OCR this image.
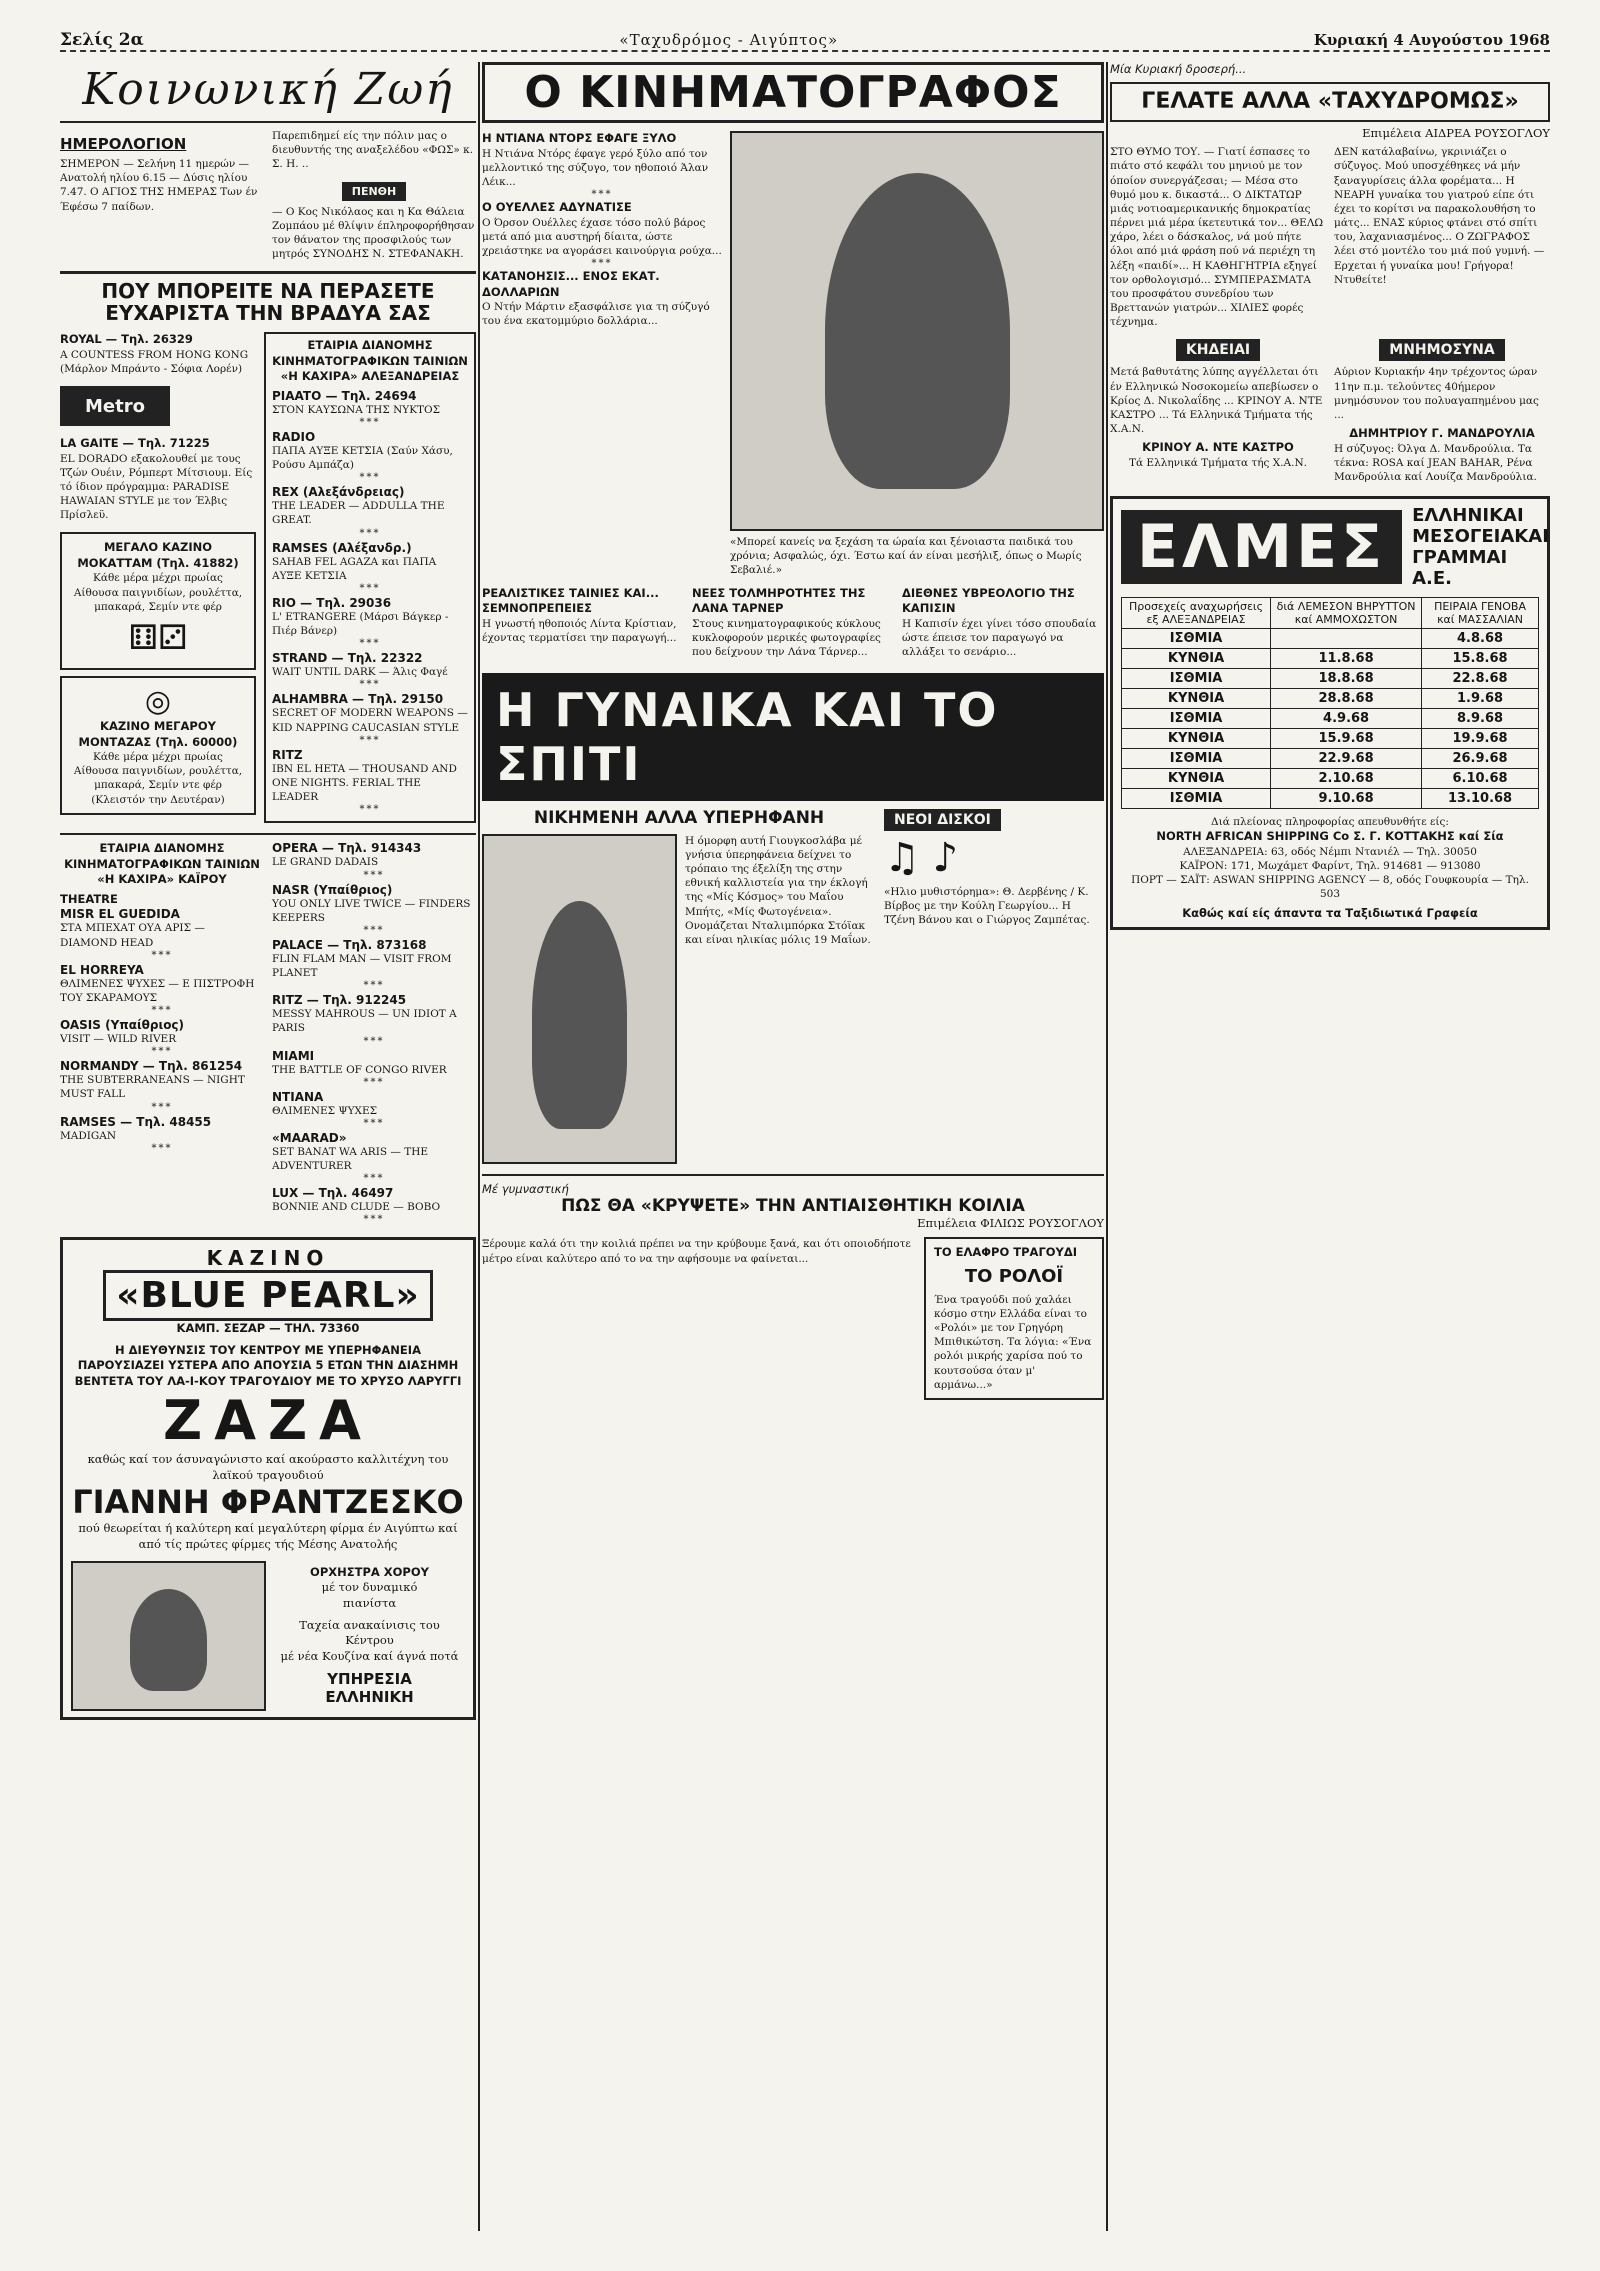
Σελίς 2α	«Ταχυδρόμος - Αιγύπτος»	Κυριακή 4 Αυγούστου 1968
Κοινωνική Ζωή
ΗΜΕΡΟΛΟΓΙΟΝ
ΣΗΜΕΡΟΝ — Σελήνη 11 ημερών — Ανατολή ηλίου 6.15 — Δύσις ηλίου 7.47. Ο ΑΓΙΟΣ ΤΗΣ ΗΜΕΡΑΣ Των έν Έφέσω 7 παίδων.
Παρεπιδημεί είς την πόλιν μας ο διευθυντής της αναξελέδου «ΦΩΣ» κ. Σ. Η. ..
ΠΕΝΘΗ
— Ο Κος Νικόλαος και η Κα Θάλεια Ζομπάου μέ θλίψιν έπληροφορήθησαν τον θάνατον της προσφιλούς των μητρός ΣΥΝΟΔΗΣ Ν. ΣΤΕΦΑΝΑΚΗ.
ΠΟΥ ΜΠΟΡΕΙΤΕ ΝΑ ΠΕΡΑΣΕΤΕ ΕΥΧΑΡΙΣΤΑ ΤΗΝ ΒΡΑΔΥΑ ΣΑΣ
ROYAL — Τηλ. 26329
A COUNTESS FROM HONG KONG (Μάρλον Μπράντο - Σόφια Λορέν)
Metro
LA GAITE — Τηλ. 71225
EL DORADO εξακολουθεί με τους Τζών Ουέιν, Ρόμπερτ Μίτσιουμ. Είς τό ίδιον πρόγραμμα: PARADISE HAWAIAN STYLE με τον Έλβις Πρίσλεϋ.
ΜΕΓΑΛΟ ΚΑΖΙΝΟ ΜΟΚΑΤΤΑΜ (Τηλ. 41882)
Κάθε μέρα μέχρι πρωίας Αίθουσα παιγνιδίων, ρουλέττα, μπακαρά, Σεμίν ντε φέρ
⚅⚂
◎
ΚΑΖΙΝΟ ΜΕΓΑΡΟΥ ΜΟΝΤΑΖΑΣ (Τηλ. 60000)
Κάθε μέρα μέχρι πρωίας Αίθουσα παιγνιδίων, ρουλέττα, μπακαρά, Σεμίν ντε φέρ (Κλειστόν την Δευτέραν)
ΕΤΑΙΡΙΑ ΔΙΑΝΟΜΗΣ ΚΙΝΗΜΑΤΟΓΡΑΦΙΚΩΝ ΤΑΙΝΙΩΝ «Η ΚΑΧΙΡΑ» ΑΛΕΞΑΝΔΡΕΙΑΣ
PIAATO — Τηλ. 24694
ΣΤΟΝ ΚΑΥΣΩΝΑ ΤΗΣ ΝΥΚΤΟΣ
***
RADIO
ΠΑΠΑ ΑΥΞΕ ΚΕΤΣΙΑ (Σαύν Χάσυ, Ρούσυ Αμπάζα)
***
REX (Αλεξάνδρειας)
THE LEADER — ADDULLA THE GREAT.
***
RAMSES (Αλέξανδρ.)
SAHAB FEL AGAZA και ΠΑΠΑ ΑΥΞΕ ΚΕΤΣΙΑ
***
RIO — Τηλ. 29036
L' ETRANGERE (Μάρσι Βάγκερ - Πιέρ Βάνερ)
***
STRAND — Τηλ. 22322
WAIT UNTIL DARK — Άλις Φαγέ
***
ALHAMBRA — Τηλ. 29150
SECRET OF MODERN WEAPONS — KID NAPPING CAUCASIAN STYLE
***
RITZ
IBN EL HETA — THOUSAND AND ONE NIGHTS. FERIAL THE LEADER
***
ΕΤΑΙΡΙΑ ΔΙΑΝΟΜΗΣ ΚΙΝΗΜΑΤΟΓΡΑΦΙΚΩΝ ΤΑΙΝΙΩΝ «Η ΚΑΧΙΡΑ» ΚΑΪΡΟΥ
THEATRE
MISR EL GUEDIDA
ΣΤΑ ΜΠΕΧΑΤ ΟΥΑ ΑΡΙΣ — DIAMOND HEAD
***
EL HORREYA
ΘΛΙΜΕΝΕΣ ΨΥΧΕΣ — Ε ΠΙΣΤΡΟΦΗ ΤΟΥ ΣΚΑΡΑΜΟΥΣ
***
OASIS (Υπαίθριος)
VISIT — WILD RIVER
***
NORMANDY — Τηλ. 861254
THE SUBTERRANEANS — NIGHT MUST FALL
***
RAMSES — Τηλ. 48455
MADIGAN
***
OPERA — Τηλ. 914343
LE GRAND DADAIS
***
NASR (Υπαίθριος)
YOU ONLY LIVE TWICE — FINDERS KEEPERS
***
PALACE — Τηλ. 873168
FLIN FLAM MAN — VISIT FROM PLANET
***
RITZ — Τηλ. 912245
MESSY MAHROUS — UN IDIOT A PARIS
***
MIAMI
THE BATTLE OF CONGO RIVER
***
ΝΤΙΑΝΑ
ΘΛΙΜΕΝΕΣ ΨΥΧΕΣ
***
«MAARAD»
SET BANAT WA ARIS — THE ADVENTURER
***
LUX — Τηλ. 46497
BONNIE AND CLUDE — BOBO
***
ΚΑΖΙΝΟ
«BLUE PEARL»
ΚΑΜΠ. ΣΕΖΑΡ — ΤΗΛ. 73360
Η ΔΙΕΥΘΥΝΣΙΣ ΤΟΥ ΚΕΝΤΡΟΥ ΜΕ ΥΠΕΡΗΦΑΝΕΙΑ ΠΑΡΟΥΣΙΑΖΕΙ ΥΣΤΕΡΑ ΑΠΟ ΑΠΟΥΣΙΑ 5 ΕΤΩΝ ΤΗΝ ΔΙΑΣΗΜΗ ΒΕΝΤΕΤΑ ΤΟΥ ΛΑ-Ι-ΚΟΥ ΤΡΑΓΟΥΔΙΟΥ ΜΕ ΤΟ ΧΡΥΣΟ ΛΑΡΥΓΓΙ
ΖΑΖΑ
καθώς καί τον άσυναγώνιστο καί ακούραστο καλλιτέχνη του λαϊκού τραγουδιού
ΓΙΑΝΝΗ ΦΡΑΝΤΖΕΣΚΟ
πού θεωρείται ή καλύτερη καί μεγαλύτερη φίρμα έν Αιγύπτω καί από τίς πρώτες φίρμες τής Μέσης Ανατολής
ΟΡΧΗΣΤΡΑ ΧΟΡΟΥ
μέ τον δυναμικό
πιανίστα
Ταχεία ανακαίνισις του Κέντρου
μέ νέα Κουζίνα καί άγνά ποτά
ΥΠΗΡΕΣΙΑ
ΕΛΛΗΝΙΚΗ
Ο ΚΙΝΗΜΑΤΟΓΡΑΦΟΣ
Η ΝΤΙΑΝΑ ΝΤΟΡΣ ΕΦΑΓΕ ΞΥΛΟ
Η Ντιάνα Ντόρς έφαγε γερό ξύλο από τον μελλοντικό της σύζυγο, τον ηθοποιό Άλαν Λέικ...
***
Ο ΟΥΕΛΛΕΣ ΑΔΥΝΑΤΙΣΕ
Ο Όρσον Ουέλλες έχασε τόσο πολύ βάρος μετά από μια αυστηρή δίαιτα, ώστε χρειάστηκε να αγοράσει καινούργια ρούχα...
***
ΚΑΤΑΝΟΗΣΙΣ... ΕΝΟΣ ΕΚΑΤ. ΔΟΛΛΑΡΙΩΝ
Ο Ντήν Μάρτιν εξασφάλισε για τη σύζυγό του ένα εκατομμύριο δολλάρια...
«Μπορεί κανείς να ξεχάση τα ώραία και ξένοιαστα παιδικά του χρόνια; Ασφαλώς, όχι. Έστω καί άν είναι μεσήλιξ, όπως ο Μωρίς Σεβαλιέ.»
ΡΕΑΛΙΣΤΙΚΕΣ ΤΑΙΝΙΕΣ ΚΑΙ... ΣΕΜΝΟΠΡΕΠΕΙΕΣ
Η γνωστή ηθοποιός Λίντα Κρίστιαν, έχοντας τερματίσει την παραγωγή...
ΝΕΕΣ ΤΟΛΜΗΡΟΤΗΤΕΣ ΤΗΣ ΛΑΝΑ ΤΑΡΝΕΡ
Στους κινηματογραφικούς κύκλους κυκλοφορούν μερικές φωτογραφίες που δείχνουν την Λάνα Τάρνερ...
ΔΙΕΘΝΕΣ ΥΒΡΕΟΛΟΓΙΟ ΤΗΣ ΚΑΠΙΣΙΝ
Η Καπισίν έχει γίνει τόσο σπουδαία ώστε έπεισε τον παραγωγό να αλλάξει το σενάριο...
Η ΓΥΝΑΙΚΑ ΚΑΙ ΤΟ ΣΠΙΤΙ
ΝΙΚΗΜΕΝΗ ΑΛΛΑ ΥΠΕΡΗΦΑΝΗ
Η όμορφη αυτή Γιουγκοσλάβα μέ γνήσια ύπερηφάνεια δείχνει το τρόπαιο της έξελίξη της στην εθνική καλλιστεία για την έκλογή της «Μίς Κόσμος» του Μαΐου Μπήτς, «Μίς Φωτογένεια». Ονομάζεται Νταλιμπόρκα Στόϊακ και είναι ηλικίας μόλις 19 Μαΐων.
ΝΕΟΙ ΔΙΣΚΟΙ
♫ ♪
«Ηλιο μυθιστόρημα»: Θ. Δερβένης / Κ. Βίρβος με την Κούλη Γεωργίου... Η Τζένη Βάνου και ο Γιώργος Ζαμπέτας.
Μέ γυμναστική
ΠΩΣ ΘΑ «ΚΡΥΨΕΤΕ» ΤΗΝ ΑΝΤΙΑΙΣΘΗΤΙΚΗ ΚΟΙΛΙΑ
Επιμέλεια ΦΙΛΙΩΣ ΡΟΥΣΟΓΛΟΥ
Ξέρουμε καλά ότι την κοιλιά πρέπει να την κρύβουμε ξανά, και ότι οποιοδήποτε μέτρο είναι καλύτερο από το να την αφήσουμε να φαίνεται...	ΤΟ ΕΛΑΦΡΟ ΤΡΑΓΟΥΔΙ
ΤΟ ΡΟΛΟΪ
Ένα τραγούδι πού χαλάει κόσμο στην Ελλάδα είναι το «Ρολόι» με τον Γρηγόρη Μπιθικώτση. Τα λόγια: «Ένα ρολόι μικρής χαρίσα πού το κουτσούσα όταν μ' αρμάνω...»
Μία Κυριακή δροσερή...
ΓΕΛΑΤΕ ΑΛΛΑ «ΤΑΧΥΔΡΟΜΩΣ»
Επιμέλεια ΑΙΔΡΕΑ ΡΟΥΣΟΓΛΟΥ
ΣΤΟ ΘΥΜΟ ΤΟΥ. — Γιατί έσπασες το πιάτο στό κεφάλι του μηνιού με τον όποίον συνεργάζεσαι; — Μέσα στο θυμό μου κ. δικαστά... Ο ΔΙΚΤΑΤΩΡ μιάς νοτιοαμερικανικής δημοκρατίας πέρνει μιά μέρα ίκετευτικά τον... ΘΕΛΩ χάρο, λέει ο δάσκαλος, νά μού πήτε όλοι από μιά φράση πού νά περιέχη τη λέξη «παιδί»... Η ΚΑΘΗΓΗΤΡΙΑ εξηγεί τον ορθολογισμό... ΣΥΜΠΕΡΑΣΜΑΤΑ του προσφάτου συνεδρίου των Βρεττανών γιατρών... ΧΙΛΙΕΣ φορές τέχνημα.
ΔΕΝ κατάλαβαίνω, γκρινιάζει ο σύζυγος. Μού υποσχέθηκες νά μήν ξαναγυρίσεις άλλα φορέματα... Η ΝΕΑΡΗ γυναίκα του γιατρού είπε ότι έχει το κορίτσι να παρακολουθήση το μάτς... ΕΝΑΣ κύριος φτάνει στό σπίτι του, λαχανιασμένος... Ο ΖΩΓΡΑΦΟΣ λέει στό μοντέλο του μιά πού γυμνή. — Ερχεται ή γυναίκα μου! Γρήγορα! Ντυθείτε!
ΚΗΔΕΙΑΙ
Μετά βαθυτάτης λύπης αγγέλλεται ότι έν Ελληνικώ Νοσοκομείω απεβίωσεν ο Κρίος Δ. Νικολαΐδης ... ΚΡΙΝΟΥ Α. ΝΤΕ ΚΑΣΤΡΟ ... Τά Ελληνικά Τμήματα τής Χ.Α.Ν.
ΚΡΙΝΟΥ Α. ΝΤΕ ΚΑΣΤΡΟ
Τά Ελληνικά Τμήματα τής Χ.Α.Ν.
ΜΝΗΜΟΣΥΝΑ
Αύριον Κυριακήν 4ην τρέχοντος ώραν 11ην π.μ. τελούντες 40ήμερον μνημόσυνον του πολυαγαπημένου μας ...
ΔΗΜΗΤΡΙΟΥ Γ. ΜΑΝΔΡΟΥΛΙΑ
Η σύζυγος: Όλγα Δ. Μανδρούλια. Τα τέκνα: ROSA καί JEAN BAHAR, Ρένα Μανδρούλια καί Λουίζα Μανδρούλια.
ΕΛΜΕΣ	ΕΛΛΗΝΙΚΑΙ ΜΕΣΟΓΕΙΑΚΑΙ ΓΡΑΜΜΑΙ Α.Ε.
Προσεχείς αναχωρήσεις εξ ΑΛΕΞΑΝΔΡΕΙΑΣ	διά ΛΕΜΕΣΟΝ ΒΗΡΥΤΤΟΝ καί ΑΜΜΟΧΩΣΤΟΝ	ΠΕΙΡΑΙΑ ΓΕΝΟΒΑ καί ΜΑΣΣΑΛΙΑΝ
ΙΣΘΜΙΑ		4.8.68
ΚΥΝΘΙΑ	11.8.68	15.8.68
ΙΣΘΜΙΑ	18.8.68	22.8.68
ΚΥΝΘΙΑ	28.8.68	1.9.68
ΙΣΘΜΙΑ	4.9.68	8.9.68
ΚΥΝΘΙΑ	15.9.68	19.9.68
ΙΣΘΜΙΑ	22.9.68	26.9.68
ΚΥΝΘΙΑ	2.10.68	6.10.68
ΙΣΘΜΙΑ	9.10.68	13.10.68
Διά πλείονας πληροφορίας απευθυνθήτε είς:
NORTH AFRICAN SHIPPING Co Σ. Γ. ΚΟΤΤΑΚΗΣ καί Σία
ΑΛΕΞΑΝΔΡΕΙΑ: 63, οδός Νέμπι Ντανιέλ — Τηλ. 30050
ΚΑΪΡΟΝ: 171, Μωχάμετ Φαρίντ, Τηλ. 914681 — 913080
ΠΟΡΤ — ΣΑΪΤ: ASWAN SHIPPING AGENCY — 8, οδός Γουφκουρία — Τηλ. 503
Καθώς καί είς άπαντα τα Ταξιδιωτικά Γραφεία
